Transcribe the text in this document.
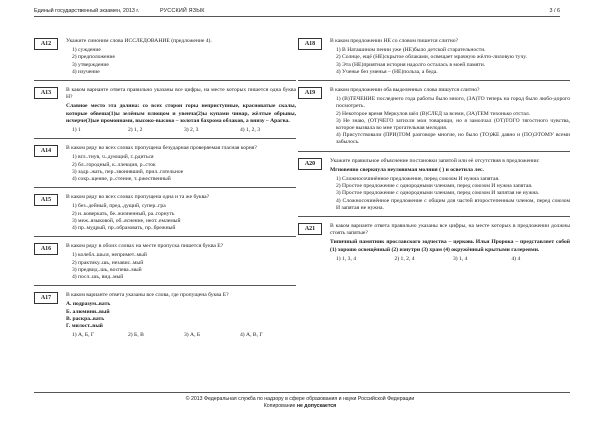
Единый государственный экзамен, 2013 г.	РУССКИЙ ЯЗЫК	3 / 6
A12	Укажите синоним слова ИССЛЕДОВАНИЕ (предложение 4).
1) суждение
2) предположение
3) утверждение
4) изучение
A13	В каком варианте ответа правильно указаны все цифры, на месте которых пишется одна буква Н?
Славное место эта долина: со всех сторон горы неприступные, красноватые скалы, которые обвеша(1)ы зелёным плющом и увенча(2)ы купами чинар, жёлтые обрывы, исчерче(3)ые промоинами, высоко-высоко – золотая бахрома облаков, а внизу – Арагва.
1) 1	2) 1, 2	3) 2, 3	4) 1, 2, 3
A14	В каком ряду во всех словах пропущена безударная проверяемая гласная корня?
1) вгл..тнув, ч..дующий, г..рдиться
2) бл..городный, к..ллекция, р..сток
3) задр..жать, пер..звонивший, прил..гательное
4) сокр..щение, р..стение, т..ржественный
A15	В каком ряду во всех словах пропущена одна и та же буква?
1) без..дейный, пред..дущий, супер..гра
2) н..коверкать, бе..жизненный, ра..горнуть
3) меж..языковой, об..яснение, неот..емлемый
4) пр..мудрый, пр..образовать, пр..брежный
A16	В каком ряду в обоих словах на месте пропуска пишется буква Е?
1) колебл..шься, непримет..мый
2) практику..шь, независ..мый
3) предвид..шь, воспева..мый
4) посл..шь, вид..мый
A17	В каком варианте ответа указаны все слова, где пропущена буква Е?
А. подразум..вать
Б. алюмини..вый
В. раскра..вать
Г. милост..вый
1) А, Б, Г	2) Б, В	3) А, Б	4) А, В, Г
A18	В каком предложении НЕ со словом пишется слитно?
1) В Наташином пении уже (НЕ)было детской старательности.
2) Солнце, ещё (НЕ)скрытое облаками, освещает мрачную жёлто-лиловую тучу.
3) Эта (НЕ)приятная история надолго осталась в моей памяти.
4) Ученье без уменья – (НЕ)польза, а беда.
A19	В каком предложении оба выделенных слова пишутся слитно?
1) (В)ТЕЧЕНИЕ последнего года работы было много, (ЗА)ТО теперь на город было любо-дорого посмотреть.
2) Некоторое время Меркулов шёл (В)СЛЕД за всеми, (ЗА)ТЕМ тихонько отстал.
3) Не знаю, (ОТ)ЧЕГО затихли мои товарищи, но я замолчал (ОТ)ТОГО тягостного чувства, которое вызвала во мне трогательная мелодия.
4) Присутствовали (ПРИ)ТОМ разговоре многие, но было (ТО)ЖЕ давно и (ПО)ЭТОМУ всеми забылось.
A20	Укажите правильное объяснение постановки запятой или её отсутствия в предложении:
Мгновенно сверкнула неуловимая молния ( ) и осветила лес.
1) Сложносочинённое предложение, перед союзом И нужна запятая.
2) Простое предложение с однородными членами, перед союзом И нужна запятая.
3) Простое предложение с однородными членами, перед союзом И запятая не нужна.
4) Сложносочинённое предложение с общим для частей второстепенным членом, перед союзом И запятая не нужна.
A21	В каком варианте ответа правильно указаны все цифры, на месте которых в предложении должны стоять запятые?
Типичный памятник ярославского зодчества – церковь Ильи Пророка – представляет собой (1) хорошо освещённый (2) изнутри (3) храм (4) окружённый крытыми галереями.
1) 1, 3, 4	2) 1, 2, 4	3) 1, 4	4) 4
© 2013 Федеральная служба по надзору в сфере образования и науки Российской Федерации
Копирование не допускается
